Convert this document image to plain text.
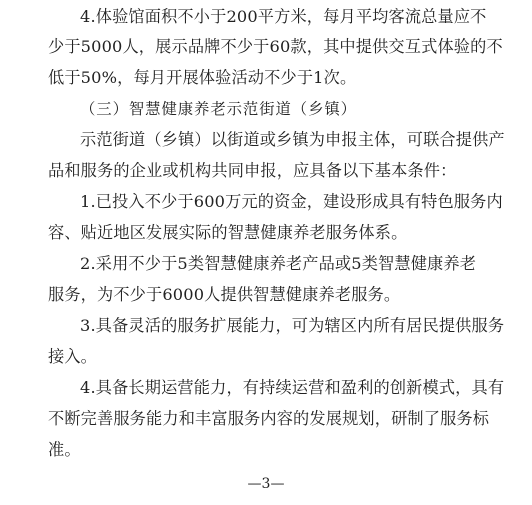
4.体验馆面积不小于200平方米，每月平均客流总量应不
少于5000人，展示品牌不少于60款，其中提供交互式体验的不
低于50%，每月开展体验活动不少于1次。
（三）智慧健康养老示范街道（乡镇）
示范街道（乡镇）以街道或乡镇为申报主体，可联合提供产
品和服务的企业或机构共同申报，应具备以下基本条件：
1.已投入不少于600万元的资金，建设形成具有特色服务内
容、贴近地区发展实际的智慧健康养老服务体系。
2.采用不少于5类智慧健康养老产品或5类智慧健康养老
服务，为不少于6000人提供智慧健康养老服务。
3.具备灵活的服务扩展能力，可为辖区内所有居民提供服务
接入。
4.具备长期运营能力，有持续运营和盈利的创新模式，具有
不断完善服务能力和丰富服务内容的发展规划，研制了服务标
准。
—3—
